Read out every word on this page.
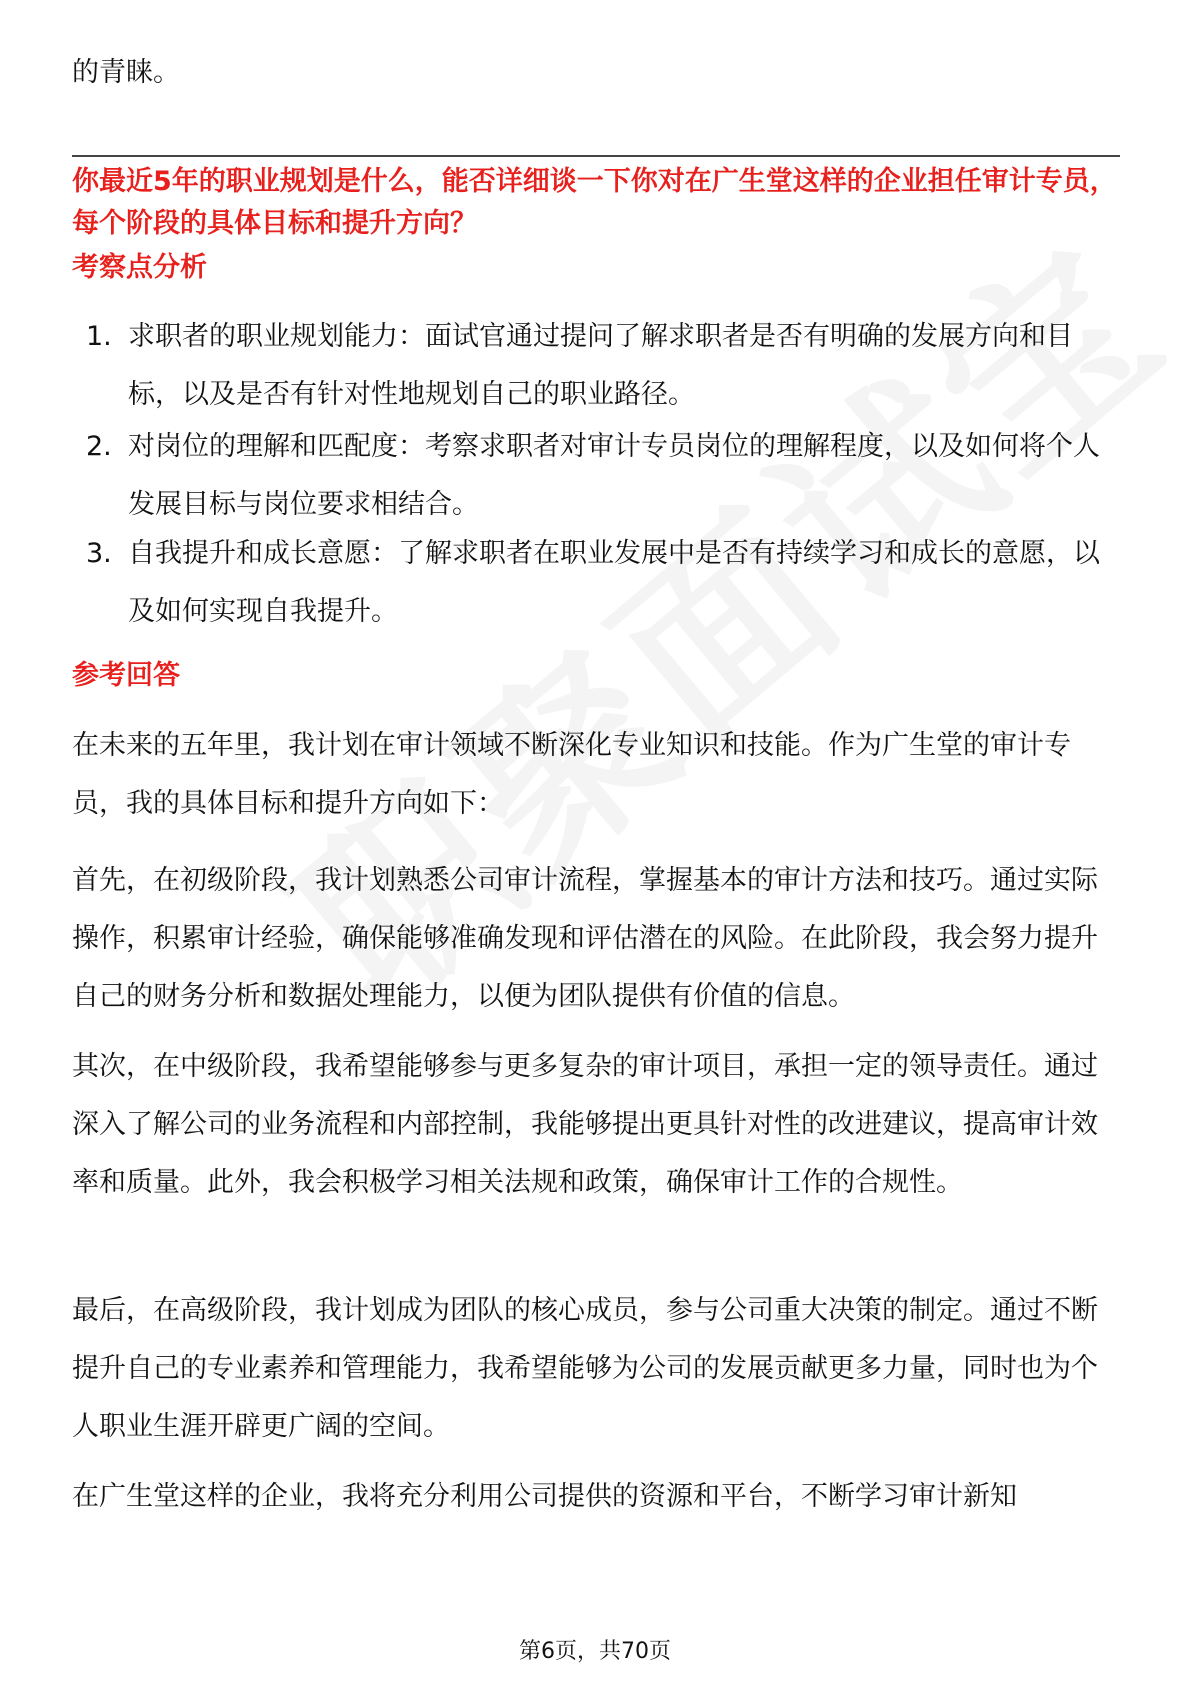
的青睐。

你最近5年的职业规划是什么，能否详细谈一下你对在广生堂这样的企业担任审计专员，每个阶段的具体目标和提升方向？

考察点分析

1. 求职者的职业规划能力：面试官通过提问了解求职者是否有明确的发展方向和目标，以及是否有针对性地规划自己的职业路径。
2. 对岗位的理解和匹配度：考察求职者对审计专员岗位的理解程度，以及如何将个人发展目标与岗位要求相结合。
3. 自我提升和成长意愿：了解求职者在职业发展中是否有持续学习和成长的意愿，以及如何实现自我提升。

参考回答

在未来的五年里，我计划在审计领域不断深化专业知识和技能。作为广生堂的审计专员，我的具体目标和提升方向如下：

首先，在初级阶段，我计划熟悉公司审计流程，掌握基本的审计方法和技巧。通过实际操作，积累审计经验，确保能够准确发现和评估潜在的风险。在此阶段，我会努力提升自己的财务分析和数据处理能力，以便为团队提供有价值的信息。

其次，在中级阶段，我希望能够参与更多复杂的审计项目，承担一定的领导责任。通过深入了解公司的业务流程和内部控制，我能够提出更具针对性的改进建议，提高审计效率和质量。此外，我会积极学习相关法规和政策，确保审计工作的合规性。

最后，在高级阶段，我计划成为团队的核心成员，参与公司重大决策的制定。通过不断提升自己的专业素养和管理能力，我希望能够为公司的发展贡献更多力量，同时也为个人职业生涯开辟更广阔的空间。

在广生堂这样的企业，我将充分利用公司提供的资源和平台，不断学习审计新知

第6页，共70页
